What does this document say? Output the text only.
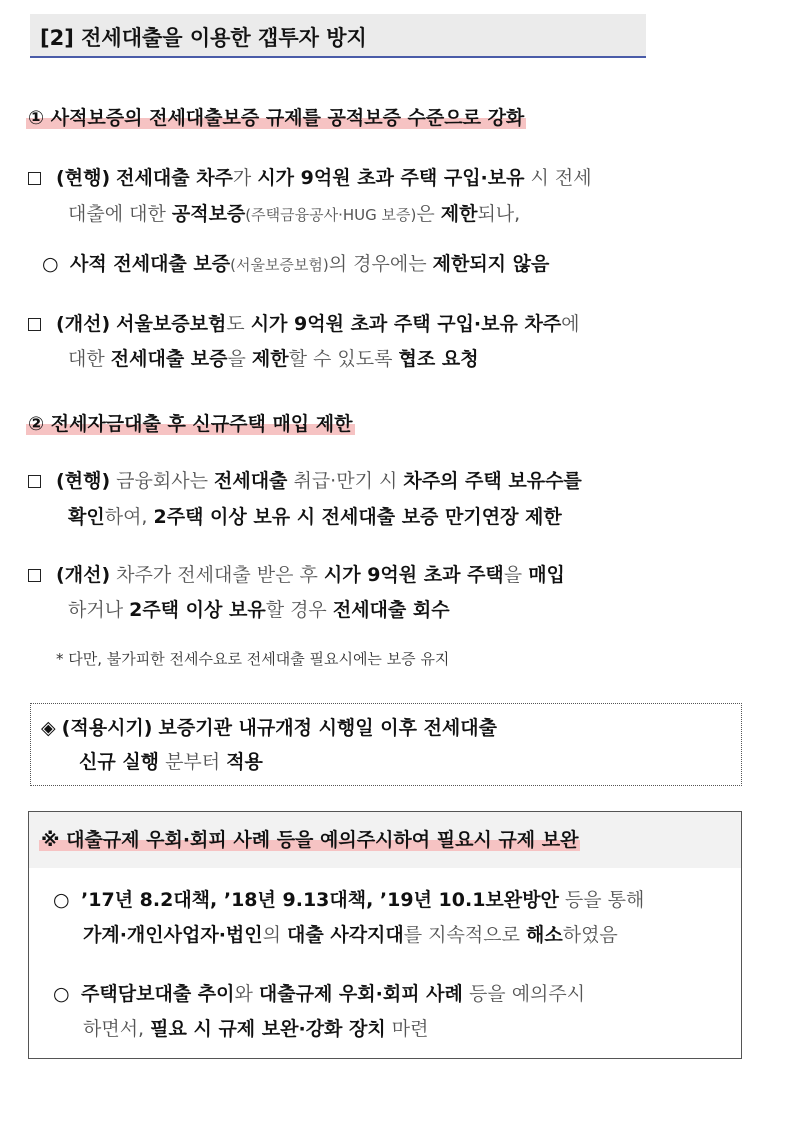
[2] 전세대출을 이용한 갭투자 방지
① 사적보증의 전세대출보증 규제를 공적보증 수준으로 강화
(현행) 전세대출 차주가 시가 9억원 초과 주택 구입·보유 시 전세
대출에 대한 공적보증(주택금융공사·HUG 보증)은 제한되나,
○ 사적 전세대출 보증(서울보증보험)의 경우에는 제한되지 않음
(개선) 서울보증보험도 시가 9억원 초과 주택 구입·보유 차주에
대한 전세대출 보증을 제한할 수 있도록 협조 요청
② 전세자금대출 후 신규주택 매입 제한
(현행) 금융회사는 전세대출 취급·만기 시 차주의 주택 보유수를
확인하여, 2주택 이상 보유 시 전세대출 보증 만기연장 제한
(개선) 차주가 전세대출 받은 후 시가 9억원 초과 주택을 매입
하거나 2주택 이상 보유할 경우 전세대출 회수
* 다만, 불가피한 전세수요로 전세대출 필요시에는 보증 유지
◈ (적용시기) 보증기관 내규개정 시행일 이후 전세대출
신규 실행 분부터 적용
※ 대출규제 우회·회피 사례 등을 예의주시하여 필요시 규제 보완
○ ’17년 8.2대책, ’18년 9.13대책, ’19년 10.1보완방안 등을 통해
가계·개인사업자·법인의 대출 사각지대를 지속적으로 해소하였음
○ 주택담보대출 추이와 대출규제 우회·회피 사례 등을 예의주시
하면서, 필요 시 규제 보완·강화 장치 마련
